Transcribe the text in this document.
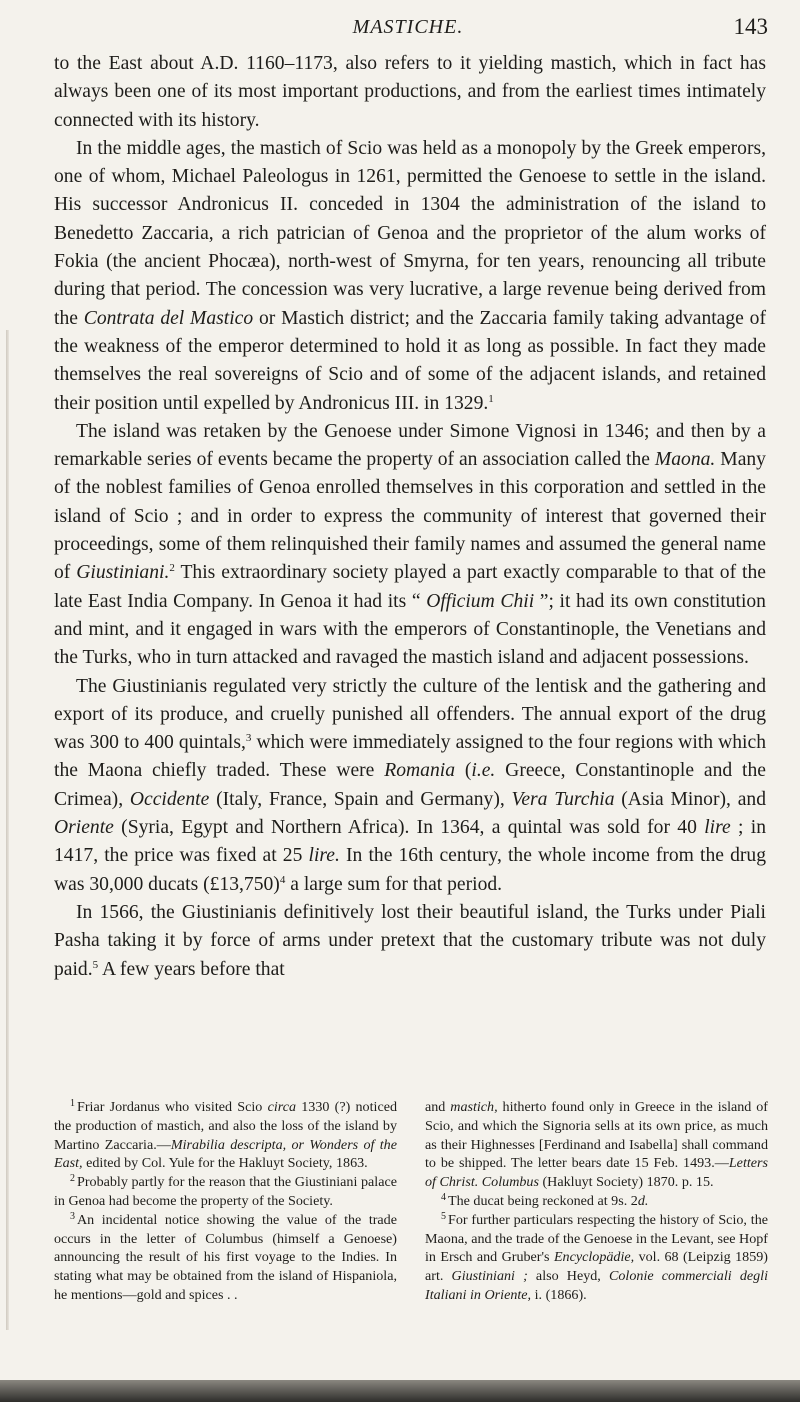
MASTICHE.	143

to the East about A.D. 1160–1173, also refers to it yielding mastich, which in fact has always been one of its most important productions, and from the earliest times intimately connected with its history.

In the middle ages, the mastich of Scio was held as a monopoly by the Greek emperors, one of whom, Michael Paleologus in 1261, permitted the Genoese to settle in the island. His successor Andronicus II. conceded in 1304 the administration of the island to Benedetto Zaccaria, a rich patrician of Genoa and the proprietor of the alum works of Fokia (the ancient Phocæa), north-west of Smyrna, for ten years, renouncing all tribute during that period. The concession was very lucrative, a large revenue being derived from the Contrata del Mastico or Mastich district; and the Zaccaria family taking advantage of the weakness of the emperor determined to hold it as long as possible. In fact they made themselves the real sovereigns of Scio and of some of the adjacent islands, and retained their position until expelled by Andronicus III. in 1329.$^1$

The island was retaken by the Genoese under Simone Vignosi in 1346; and then by a remarkable series of events became the property of an association called the Maona. Many of the noblest families of Genoa enrolled themselves in this corporation and settled in the island of Scio ; and in order to express the community of interest that governed their proceedings, some of them relinquished their family names and assumed the general name of Giustiniani.$^2$ This extraordinary society played a part exactly comparable to that of the late East India Company. In Genoa it had its “ Officium Chii ”; it had its own constitution and mint, and it engaged in wars with the emperors of Constantinople, the Venetians and the Turks, who in turn attacked and ravaged the mastich island and adjacent possessions.

The Giustinianis regulated very strictly the culture of the lentisk and the gathering and export of its produce, and cruelly punished all offenders. The annual export of the drug was 300 to 400 quintals,$^3$ which were immediately assigned to the four regions with which the Maona chiefly traded. These were Romania (i.e. Greece, Constantinople and the Crimea), Occidente (Italy, France, Spain and Germany), Vera Turchia (Asia Minor), and Oriente (Syria, Egypt and Northern Africa). In 1364, a quintal was sold for 40 lire ; in 1417, the price was fixed at 25 lire. In the 16th century, the whole income from the drug was 30,000 ducats (£13,750)$^4$ a large sum for that period.

In 1566, the Giustinianis definitively lost their beautiful island, the Turks under Piali Pasha taking it by force of arms under pretext that the customary tribute was not duly paid.$^5$ A few years before that

$^1$ Friar Jordanus who visited Scio circa 1330 (?) noticed the production of mastich, and also the loss of the island by Martino Zaccaria.—Mirabilia descripta, or Wonders of the East, edited by Col. Yule for the Hakluyt Society, 1863.

$^2$ Probably partly for the reason that the Giustiniani palace in Genoa had become the property of the Society.

$^3$ An incidental notice showing the value of the trade occurs in the letter of Columbus (himself a Genoese) announcing the result of his first voyage to the Indies. In stating what may be obtained from the island of Hispaniola, he mentions—gold and spices . .

and mastich, hitherto found only in Greece in the island of Scio, and which the Signoria sells at its own price, as much as their Highnesses [Ferdinand and Isabella] shall command to be shipped. The letter bears date 15 Feb. 1493.—Letters of Christ. Columbus (Hakluyt Society) 1870. p. 15.

$^4$ The ducat being reckoned at 9s. 2d.

$^5$ For further particulars respecting the history of Scio, the Maona, and the trade of the Genoese in the Levant, see Hopf in Ersch and Gruber's Encyclopädie, vol. 68 (Leipzig 1859) art. Giustiniani ; also Heyd, Colonie commerciali degli Italiani in Oriente, i. (1866).
